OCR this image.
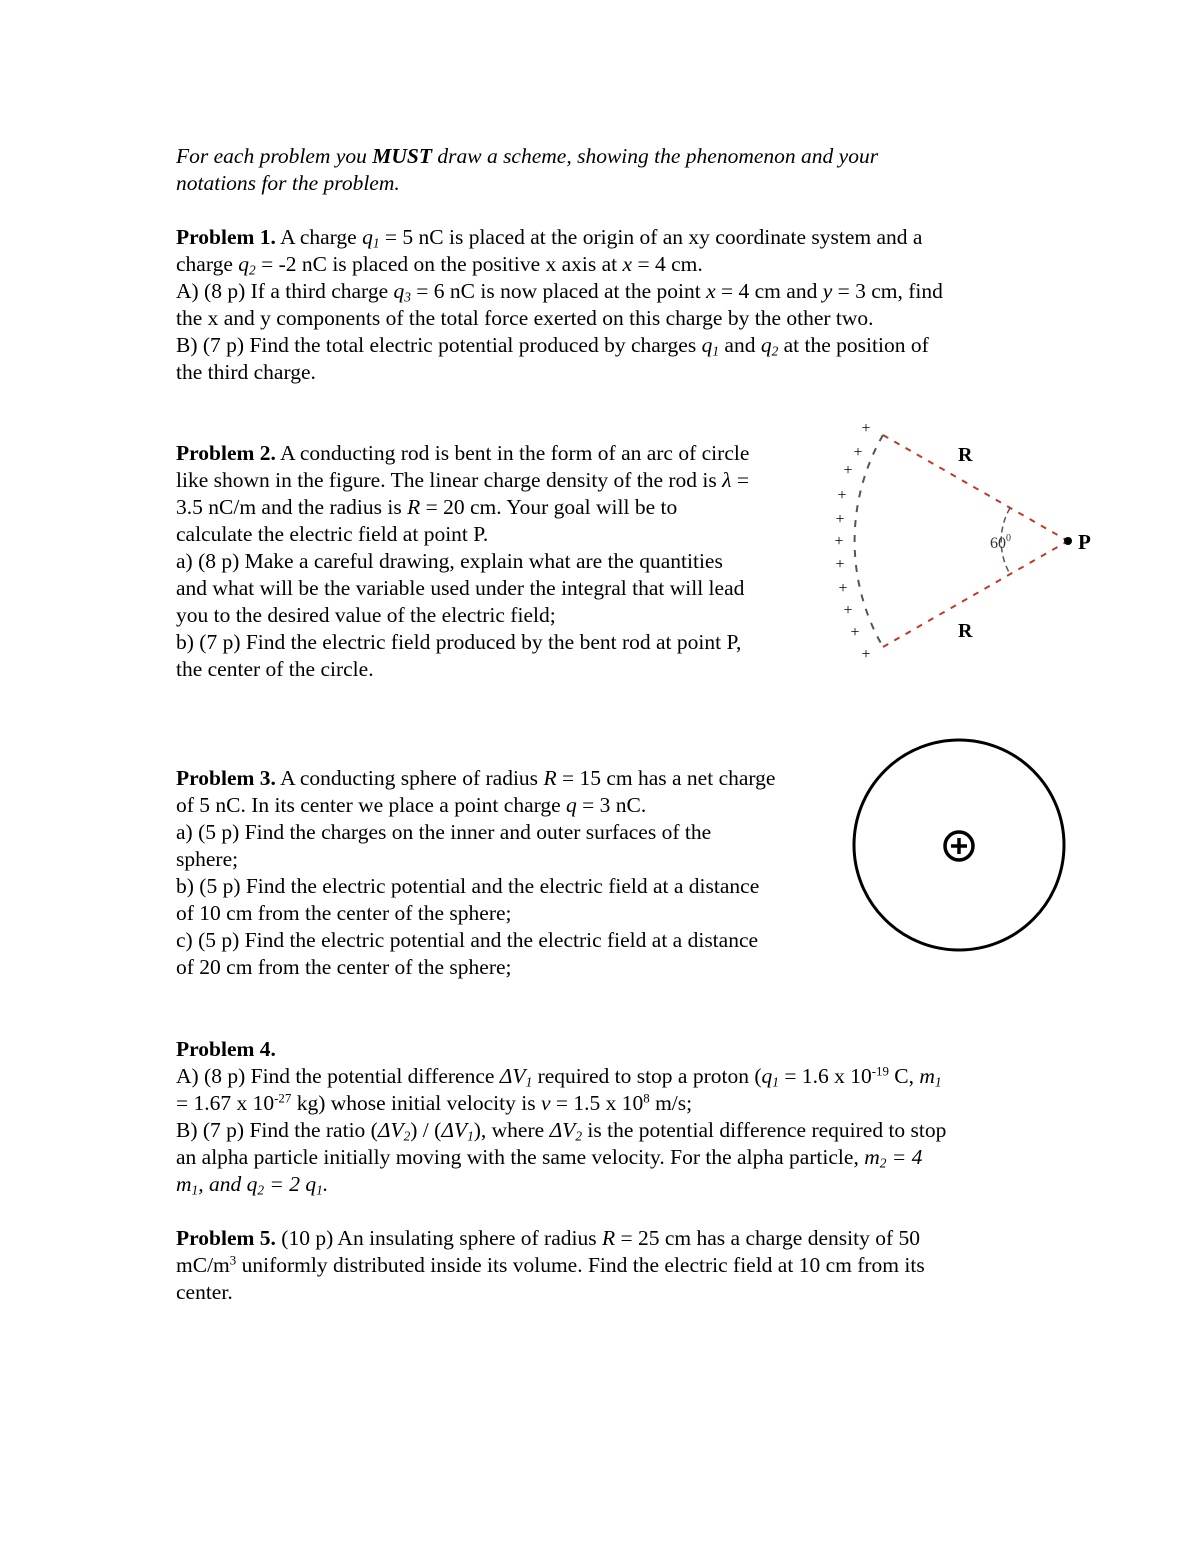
For each problem you MUST draw a scheme, showing the phenomenon and your
notations for the problem.
Problem 1. A charge $q_1 = 5$ nC is placed at the origin of an xy coordinate system and a
charge $q_2 = -2$ nC is placed on the positive x axis at x = 4 cm.
A) (8 p) If a third charge $q_3 = 6$ nC is now placed at the point x = 4 cm and y = 3 cm, find
the x and y components of the total force exerted on this charge by the other two.
B) (7 p) Find the total electric potential produced by charges $q_1$ and $q_2$ at the position of
the third charge.
Problem 2. A conducting rod is bent in the form of an arc of circle
like shown in the figure. The linear charge density of the rod is λ =
3.5 nC/m and the radius is R = 20 cm. Your goal will be to
calculate the electric field at point P.
a) (8 p) Make a careful drawing, explain what are the quantities
and what will be the variable used under the integral that will lead
you to the desired value of the electric field;
b) (7 p) Find the electric field produced by the bent rod at point P,
the center of the circle.
+
+
+
+
+
+
+
+
+
+
+
R
R
$60^0$	P
Problem 3. A conducting sphere of radius R = 15 cm has a net charge
of 5 nC. In its center we place a point charge q = 3 nC.
a) (5 p) Find the charges on the inner and outer surfaces of the
sphere;
b) (5 p) Find the electric potential and the electric field at a distance
of 10 cm from the center of the sphere;
c) (5 p) Find the electric potential and the electric field at a distance
of 20 cm from the center of the sphere;
Problem 4.
A) (8 p) Find the potential difference $\Delta V_1$ required to stop a proton ($q_1 = 1.6$ x $10^{-19}$ C, $m_1$
= 1.67 x $10^{-27}$ kg) whose initial velocity is v = 1.5 x $10^8$ m/s;
B) (7 p) Find the ratio $(\Delta V_2) / (\Delta V_1)$, where $\Delta V_2$ is the potential difference required to stop
an alpha particle initially moving with the same velocity. For the alpha particle, $m_2 = 4$
$m_1$, and $q_2 = 2$ $q_1$.
Problem 5. (10 p) An insulating sphere of radius R = 25 cm has a charge density of 50
$mC/m^3$ uniformly distributed inside its volume. Find the electric field at 10 cm from its
center.
